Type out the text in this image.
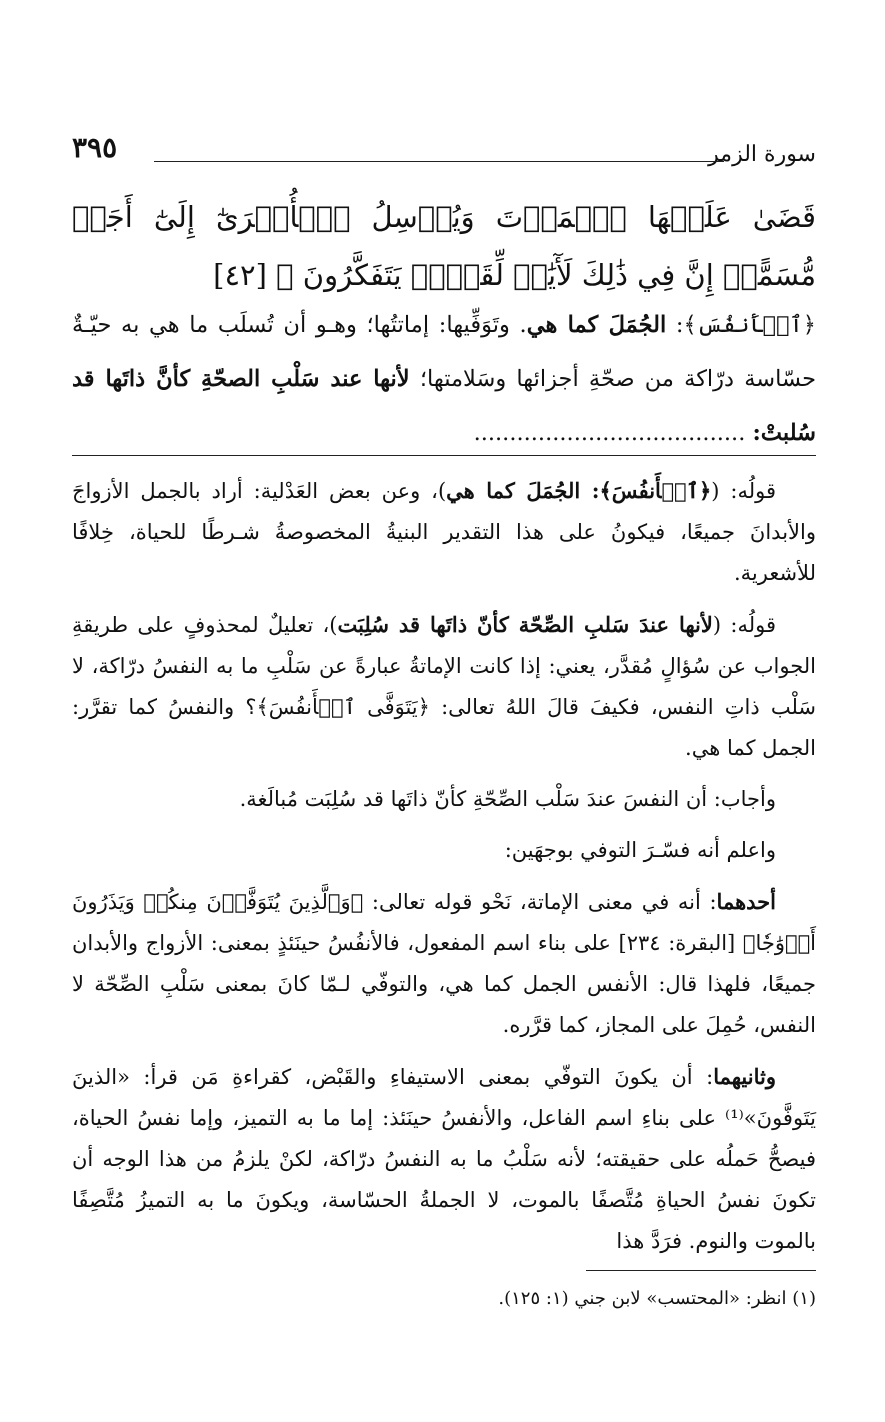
سورة الزمر
٣٩٥
قَضَىٰ عَلَيۡهَا ٱلۡمَوۡتَ وَيُرۡسِلُ ٱلۡأُخۡرَىٰٓ إِلَىٰٓ أَجَلٖ مُّسَمًّىۚ إِنَّ فِي ذَٰلِكَ لَأٓيَٰتٖ لِّقَوۡمٖ يَتَفَكَّرُونَ ﴾ [٤٢]
﴿ٱلۡأَنفُسَ﴾: الجُمَلَ كما هي. وتَوَفِّيها: إماتتُها؛ وهـو أن تُسلَب ما هي به حيّـةٌ حسّاسة درّاكة من صحّةِ أجزائها وسَلامتها؛ لأنها عند سَلْبِ الصحّةِ كأنَّ ذاتَها قد سُلبتْ: ......................................

قولُه: (﴿ٱلۡأَنفُسَ﴾: الجُمَلَ كما هي)، وعن بعض العَدْلية: أراد بالجمل الأزواجَ والأبدانَ جميعًا، فيكونُ على هذا التقدير البنيةُ المخصوصةُ شـرطًا للحياة، خِلافًا للأشعرية.

قولُه: (لأنها عندَ سَلبِ الصِّحّة كأنّ ذاتَها قد سُلِبَت)، تعليلٌ لمحذوفٍ على طريقةِ الجواب عن سُؤالٍ مُقدَّر، يعني: إذا كانت الإماتةُ عبارةً عن سَلْبِ ما به النفسُ درّاكة، لا سَلْب ذاتِ النفس، فكيفَ قالَ اللهُ تعالى: ﴿يَتَوَفَّى ٱلۡأَنفُسَ﴾؟ والنفسُ كما تقرَّر: الجمل كما هي.

وأجاب: أن النفسَ عندَ سَلْب الصِّحّةِ كأنّ ذاتَها قد سُلِبَت مُبالَغة.

واعلم أنه فسّـرَ التوفي بوجهَين:

أحدهما: أنه في معنى الإماتة، نَحْو قوله تعالى: ﴿وَٱلَّذِينَ يُتَوَفَّوۡنَ مِنكُمۡ وَيَذَرُونَ أَزۡوَٰجٗا﴾ [البقرة: ٢٣٤] على بناء اسم المفعول، فالأنفُسُ حينَئذٍ بمعنى: الأزواج والأبدان جميعًا، فلهذا قال: الأنفس الجمل كما هي، والتوفّي لـمّا كانَ بمعنى سَلْبِ الصِّحّة لا النفس، حُمِلَ على المجاز، كما قرَّره.

وثانيهما: أن يكونَ التوفّي بمعنى الاستيفاءِ والقَبْض، كقراءةِ مَن قرأ: «الذينَ يَتَوفَّونَ»⁽¹⁾ على بناءِ اسم الفاعل، والأنفسُ حينَئذ: إما ما به التميز، وإما نفسُ الحياة، فيصحُّ حَملُه على حقيقته؛ لأنه سَلْبُ ما به النفسُ درّاكة، لكنْ يلزمُ من هذا الوجه أن تكونَ نفسُ الحياةِ مُتَّصفًا بالموت، لا الجملةُ الحسّاسة، ويكونَ ما به التميزُ مُتَّصِفًا بالموت والنوم. فرَدَّ هذا

(١) انظر: «المحتسب» لابن جني (١: ١٢٥).
